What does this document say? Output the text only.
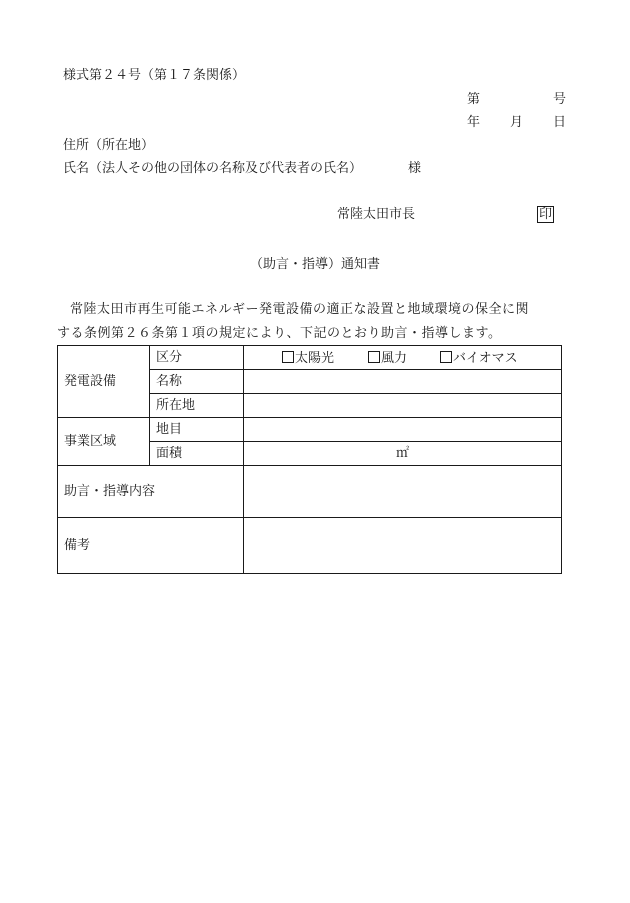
様式第２４号（第１７条関係）
第	号
年 月 日
住所（所在地）
氏名（法人その他の団体の名称及び代表者の氏名）	様
常陸太田市長	印
（助言・指導）通知書
常陸太田市再生可能エネルギー発電設備の適正な設置と地域環境の保全に関
する条例第２６条第１項の規定により、下記のとおり助言・指導します。
発電設備	区分	太陽光 風力 バイオマス
	名称	
	所在地	
事業区域	地目	
	面積	㎡
助言・指導内容		
備考		
